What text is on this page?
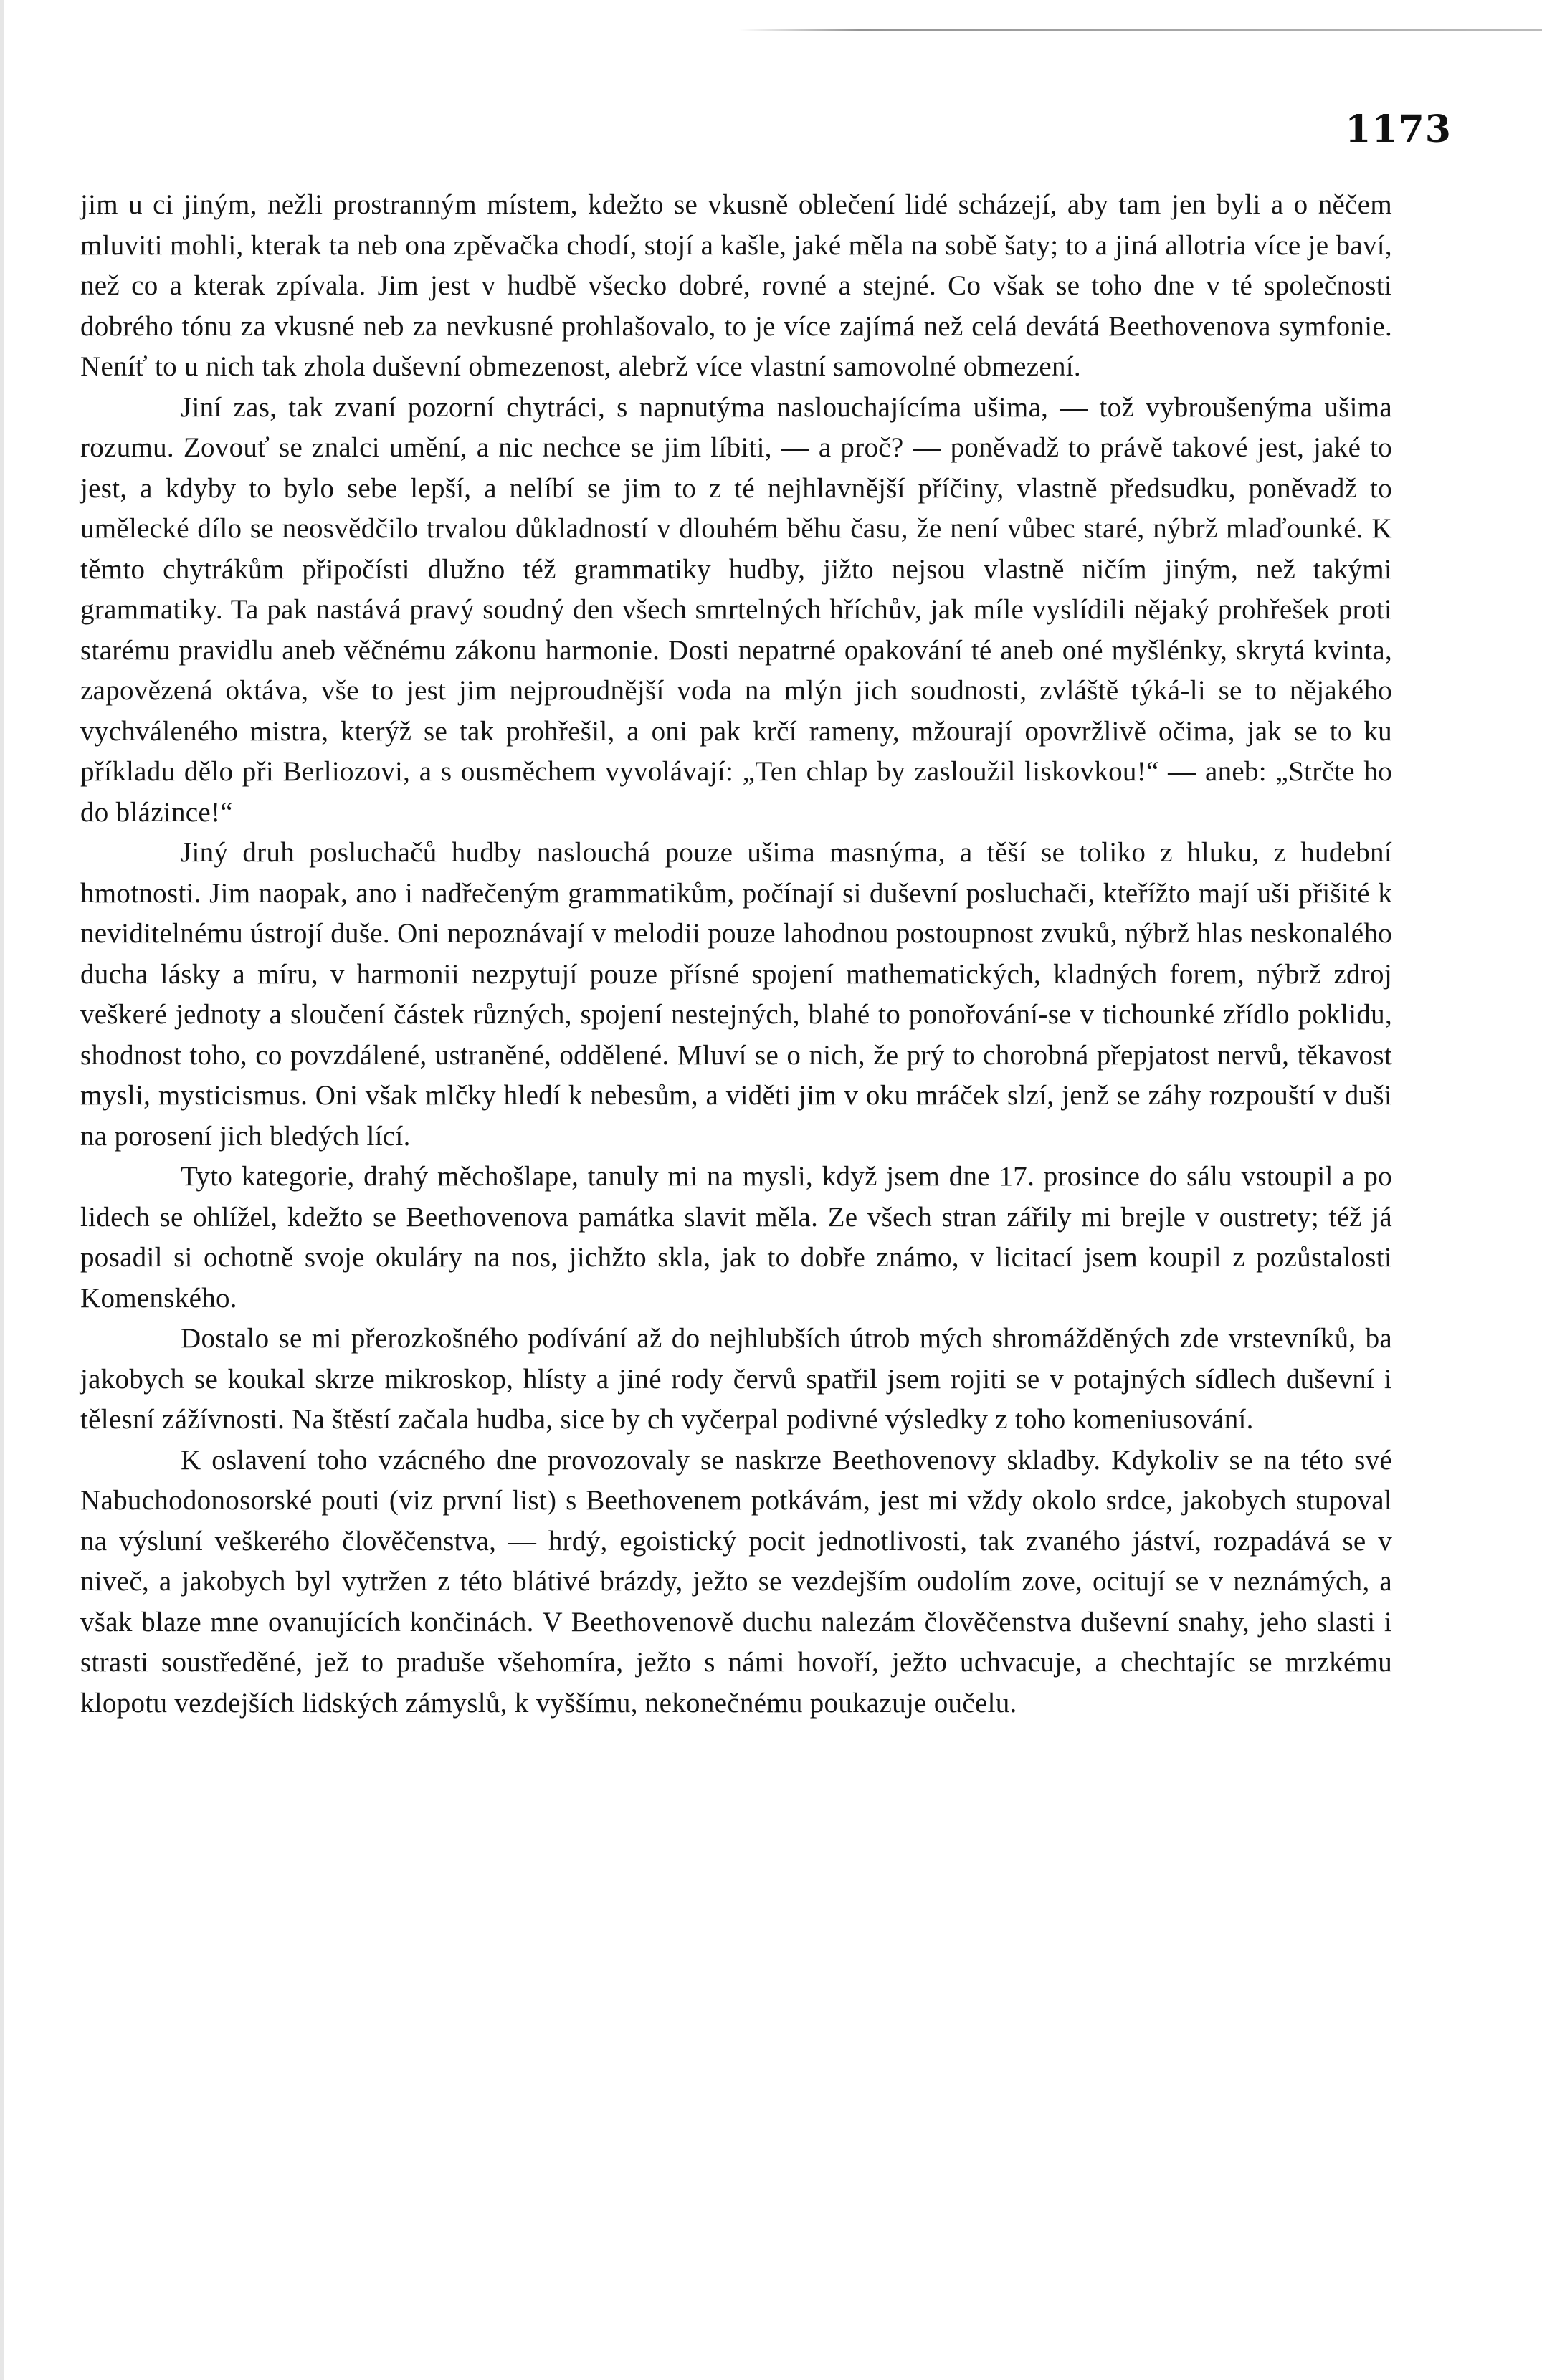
1173

jim u ci jiným, nežli prostranným místem, kdežto se vkusně oblečení lidé scházejí, aby tam jen byli a o něčem mluviti mohli, kterak ta neb ona zpěvačka chodí, stojí a kašle, jaké měla na sobě šaty; to a jiná allotria více je baví, než co a kterak zpívala. Jim jest v hudbě všecko dobré, rovné a stejné. Co však se toho dne v té společnosti dobrého tónu za vkusné neb za nevkusné prohlašovalo, to je více zajímá než celá devátá Beethovenova symfonie. Neníť to u nich tak zhola duševní obmezenost, alebrž více vlastní samovolné obmezení.

Jiní zas, tak zvaní pozorní chytráci, s napnutýma naslouchajícíma ušima, — tož vybroušenýma ušima rozumu. Zovouť se znalci umění, a nic nechce se jim líbiti, — a proč? — poněvadž to právě takové jest, jaké to jest, a kdyby to bylo sebe lepší, a nelíbí se jim to z té nejhlavnější příčiny, vlastně předsudku, poněvadž to umělecké dílo se neosvědčilo trvalou důkladností v dlouhém běhu času, že není vůbec staré, nýbrž mlaďounké. K těmto chytrákům připočísti dlužno též grammatiky hudby, jižto nejsou vlastně ničím jiným, než takými grammatiky. Ta pak nastává pravý soudný den všech smrtelných hříchův, jak míle vyslídili nějaký prohřešek proti starému pravidlu aneb věčnému zákonu harmonie. Dosti nepatrné opakování té aneb oné myšlénky, skrytá kvinta, zapovězená oktáva, vše to jest jim nejproudnější voda na mlýn jich soudnosti, zvláště týká-li se to nějakého vychváleného mistra, kterýž se tak prohřešil, a oni pak krčí rameny, mžourají opovržlivě očima, jak se to ku příkladu dělo při Berliozovi, a s ousměchem vyvolávají: „Ten chlap by zasloužil liskovkou!“ — aneb: „Strčte ho do blázince!“

Jiný druh posluchačů hudby naslouchá pouze ušima masnýma, a těší se toliko z hluku, z hudební hmotnosti. Jim naopak, ano i nadřečeným grammatikům, počínají si duševní posluchači, kteřížto mají uši přišité k neviditelnému ústrojí duše. Oni nepoznávají v melodii pouze lahodnou postoupnost zvuků, nýbrž hlas neskonalého ducha lásky a míru, v harmonii nezpytují pouze přísné spojení mathematických, kladných forem, nýbrž zdroj veškeré jednoty a sloučení částek různých, spojení nestejných, blahé to ponořování-se v tichounké zřídlo poklidu, shodnost toho, co povzdálené, ustraněné, oddělené. Mluví se o nich, že prý to chorobná přepjatost nervů, těkavost mysli, mysticismus. Oni však mlčky hledí k nebesům, a viděti jim v oku mráček slzí, jenž se záhy rozpouští v duši na porosení jich bledých lící.

Tyto kategorie, drahý měchošlape, tanuly mi na mysli, když jsem dne 17. prosince do sálu vstoupil a po lidech se ohlížel, kdežto se Beethovenova památka slavit měla. Ze všech stran zářily mi brejle v oustrety; též já posadil si ochotně svoje okuláry na nos, jichžto skla, jak to dobře známo, v licitací jsem koupil z pozůstalosti Komenského.

Dostalo se mi přerozkošného podívání až do nejhlubších útrob mých shromážděných zde vrstevníků, ba jakobych se koukal skrze mikroskop, hlísty a jiné rody červů spatřil jsem rojiti se v potajných sídlech duševní i tělesní zážívnosti. Na štěstí začala hudba, sice by ch vyčerpal podivné výsledky z toho komeniusování.

K oslavení toho vzácného dne provozovaly se naskrze Beethovenovy skladby. Kdykoliv se na této své Nabuchodonosorské pouti (viz první list) s Beethovenem potkávám, jest mi vždy okolo srdce, jakobych stupoval na výsluní veškerého člověčenstva, — hrdý, egoistický pocit jednotlivosti, tak zvaného jáství, rozpadává se v niveč, a jakobych byl vytržen z této blátivé brázdy, ježto se vezdejším oudolím zove, ocitují se v neznámých, a však blaze mne ovanujících končinách. V Beethovenově duchu nalezám člověčenstva duševní snahy, jeho slasti i strasti soustředěné, jež to praduše všehomíra, ježto s námi hovoří, ježto uchvacuje, a chechtajíc se mrzkému klopotu vezdejších lidských zámyslů, k vyššímu, nekonečnému poukazuje oučelu.
